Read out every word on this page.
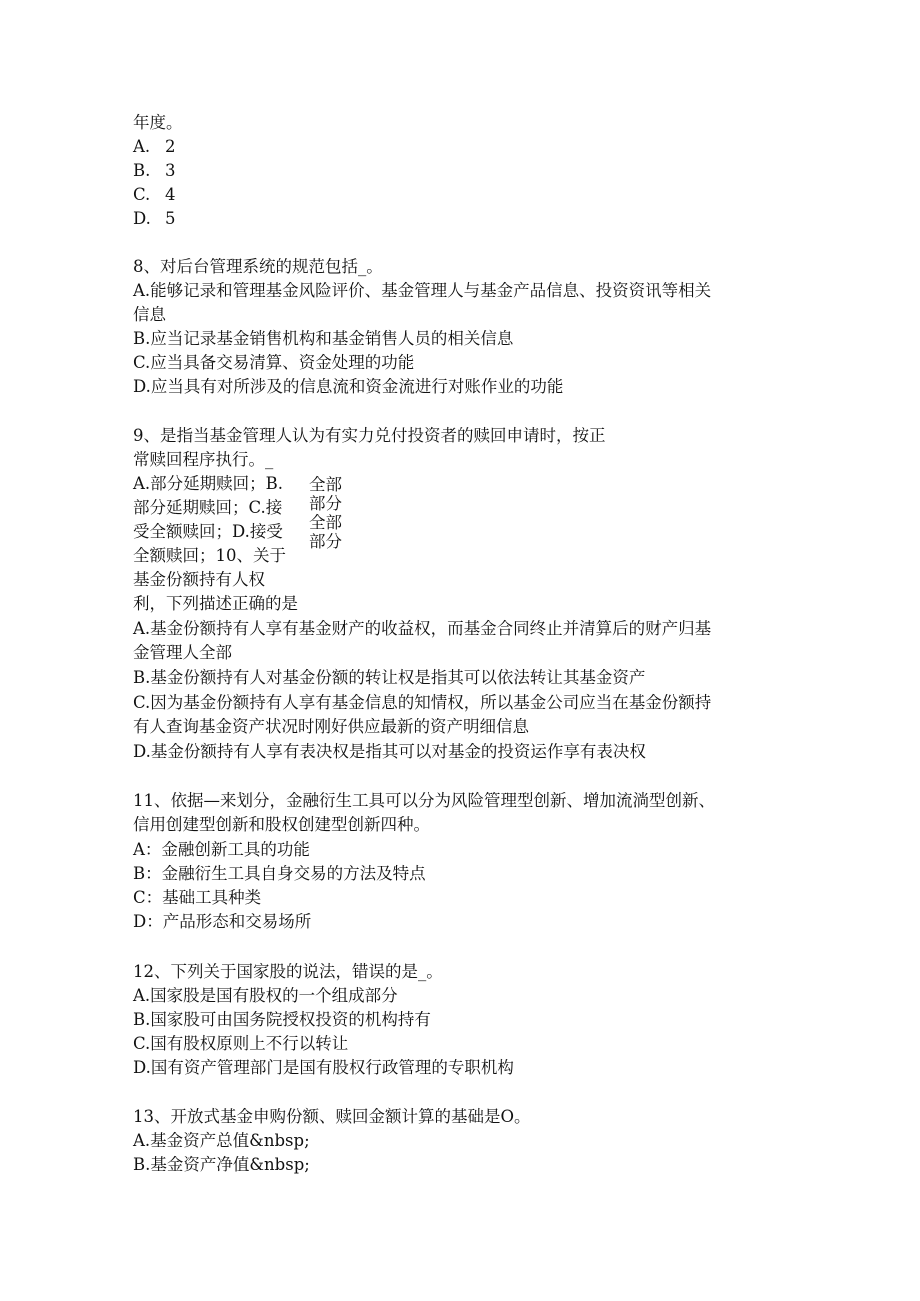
年度。
A. 2
B. 3
C. 4
D. 5
8、对后台管理系统的规范包括_。
A.能够记录和管理基金风险评价、基金管理人与基金产品信息、投资资讯等相关
信息
B.应当记录基金销售机构和基金销售人员的相关信息
C.应当具备交易清算、资金处理的功能
D.应当具有对所涉及的信息流和资金流进行对账作业的功能
9、是指当基金管理人认为有实力兑付投资者的赎回申请时，按正
常赎回程序执行。_
A.部分延期赎回；B.
部分延期赎回；C.接
受全额赎回；D.接受
全额赎回；10、关于
基金份额持有人权
利，下列描述正确的是
全部
部分
全部
部分
A.基金份额持有人享有基金财产的收益权，而基金合同终止并清算后的财产归基
金管理人全部
B.基金份额持有人对基金份额的转让权是指其可以依法转让其基金资产
C.因为基金份额持有人享有基金信息的知情权，所以基金公司应当在基金份额持
有人查询基金资产状况时刚好供应最新的资产明细信息
D.基金份额持有人享有表决权是指其可以对基金的投资运作享有表决权
11、依据—来划分，金融衍生工具可以分为风险管理型创新、增加流淌型创新、
信用创建型创新和股权创建型创新四种。
A：金融创新工具的功能
B：金融衍生工具自身交易的方法及特点
C：基础工具种类
D：产品形态和交易场所
12、下列关于国家股的说法，错误的是_。
A.国家股是国有股权的一个组成部分
B.国家股可由国务院授权投资的机构持有
C.国有股权原则上不行以转让
D.国有资产管理部门是国有股权行政管理的专职机构
13、开放式基金申购份额、赎回金额计算的基础是O。
A.基金资产总值&nbsp;
B.基金资产净值&nbsp;
